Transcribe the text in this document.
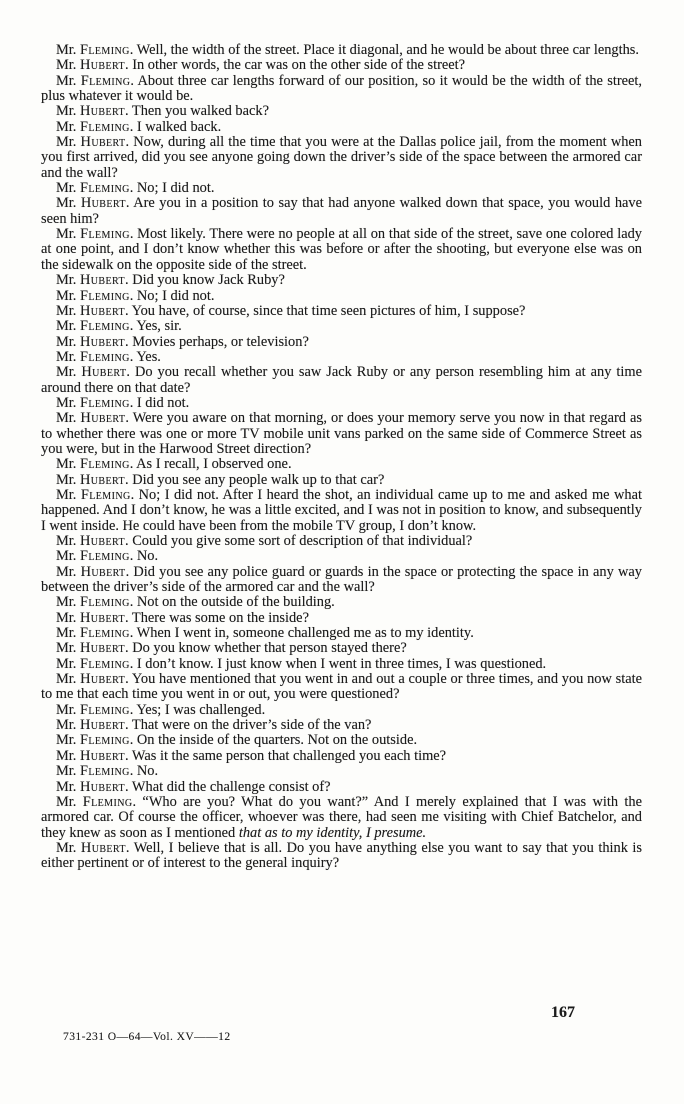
Mr. Fleming. Well, the width of the street. Place it diagonal, and he would be about three car lengths.

Mr. Hubert. In other words, the car was on the other side of the street?

Mr. Fleming. About three car lengths forward of our position, so it would be the width of the street, plus whatever it would be.

Mr. Hubert. Then you walked back?

Mr. Fleming. I walked back.

Mr. Hubert. Now, during all the time that you were at the Dallas police jail, from the moment when you first arrived, did you see anyone going down the driver’s side of the space between the armored car and the wall?

Mr. Fleming. No; I did not.

Mr. Hubert. Are you in a position to say that had anyone walked down that space, you would have seen him?

Mr. Fleming. Most likely. There were no people at all on that side of the street, save one colored lady at one point, and I don’t know whether this was before or after the shooting, but everyone else was on the sidewalk on the opposite side of the street.

Mr. Hubert. Did you know Jack Ruby?

Mr. Fleming. No; I did not.

Mr. Hubert. You have, of course, since that time seen pictures of him, I suppose?

Mr. Fleming. Yes, sir.

Mr. Hubert. Movies perhaps, or television?

Mr. Fleming. Yes.

Mr. Hubert. Do you recall whether you saw Jack Ruby or any person resembling him at any time around there on that date?

Mr. Fleming. I did not.

Mr. Hubert. Were you aware on that morning, or does your memory serve you now in that regard as to whether there was one or more TV mobile unit vans parked on the same side of Commerce Street as you were, but in the Harwood Street direction?

Mr. Fleming. As I recall, I observed one.

Mr. Hubert. Did you see any people walk up to that car?

Mr. Fleming. No; I did not. After I heard the shot, an individual came up to me and asked me what happened. And I don’t know, he was a little excited, and I was not in position to know, and subsequently I went inside. He could have been from the mobile TV group, I don’t know.

Mr. Hubert. Could you give some sort of description of that individual?

Mr. Fleming. No.

Mr. Hubert. Did you see any police guard or guards in the space or protecting the space in any way between the driver’s side of the armored car and the wall?

Mr. Fleming. Not on the outside of the building.

Mr. Hubert. There was some on the inside?

Mr. Fleming. When I went in, someone challenged me as to my identity.

Mr. Hubert. Do you know whether that person stayed there?

Mr. Fleming. I don’t know. I just know when I went in three times, I was questioned.

Mr. Hubert. You have mentioned that you went in and out a couple or three times, and you now state to me that each time you went in or out, you were questioned?

Mr. Fleming. Yes; I was challenged.

Mr. Hubert. That were on the driver’s side of the van?

Mr. Fleming. On the inside of the quarters. Not on the outside.

Mr. Hubert. Was it the same person that challenged you each time?

Mr. Fleming. No.

Mr. Hubert. What did the challenge consist of?

Mr. Fleming. “Who are you? What do you want?” And I merely explained that I was with the armored car. Of course the officer, whoever was there, had seen me visiting with Chief Batchelor, and they knew as soon as I mentioned that as to my identity, I presume.

Mr. Hubert. Well, I believe that is all. Do you have anything else you want to say that you think is either pertinent or of interest to the general inquiry?

167
731-231 O—64—Vol. XV——12
